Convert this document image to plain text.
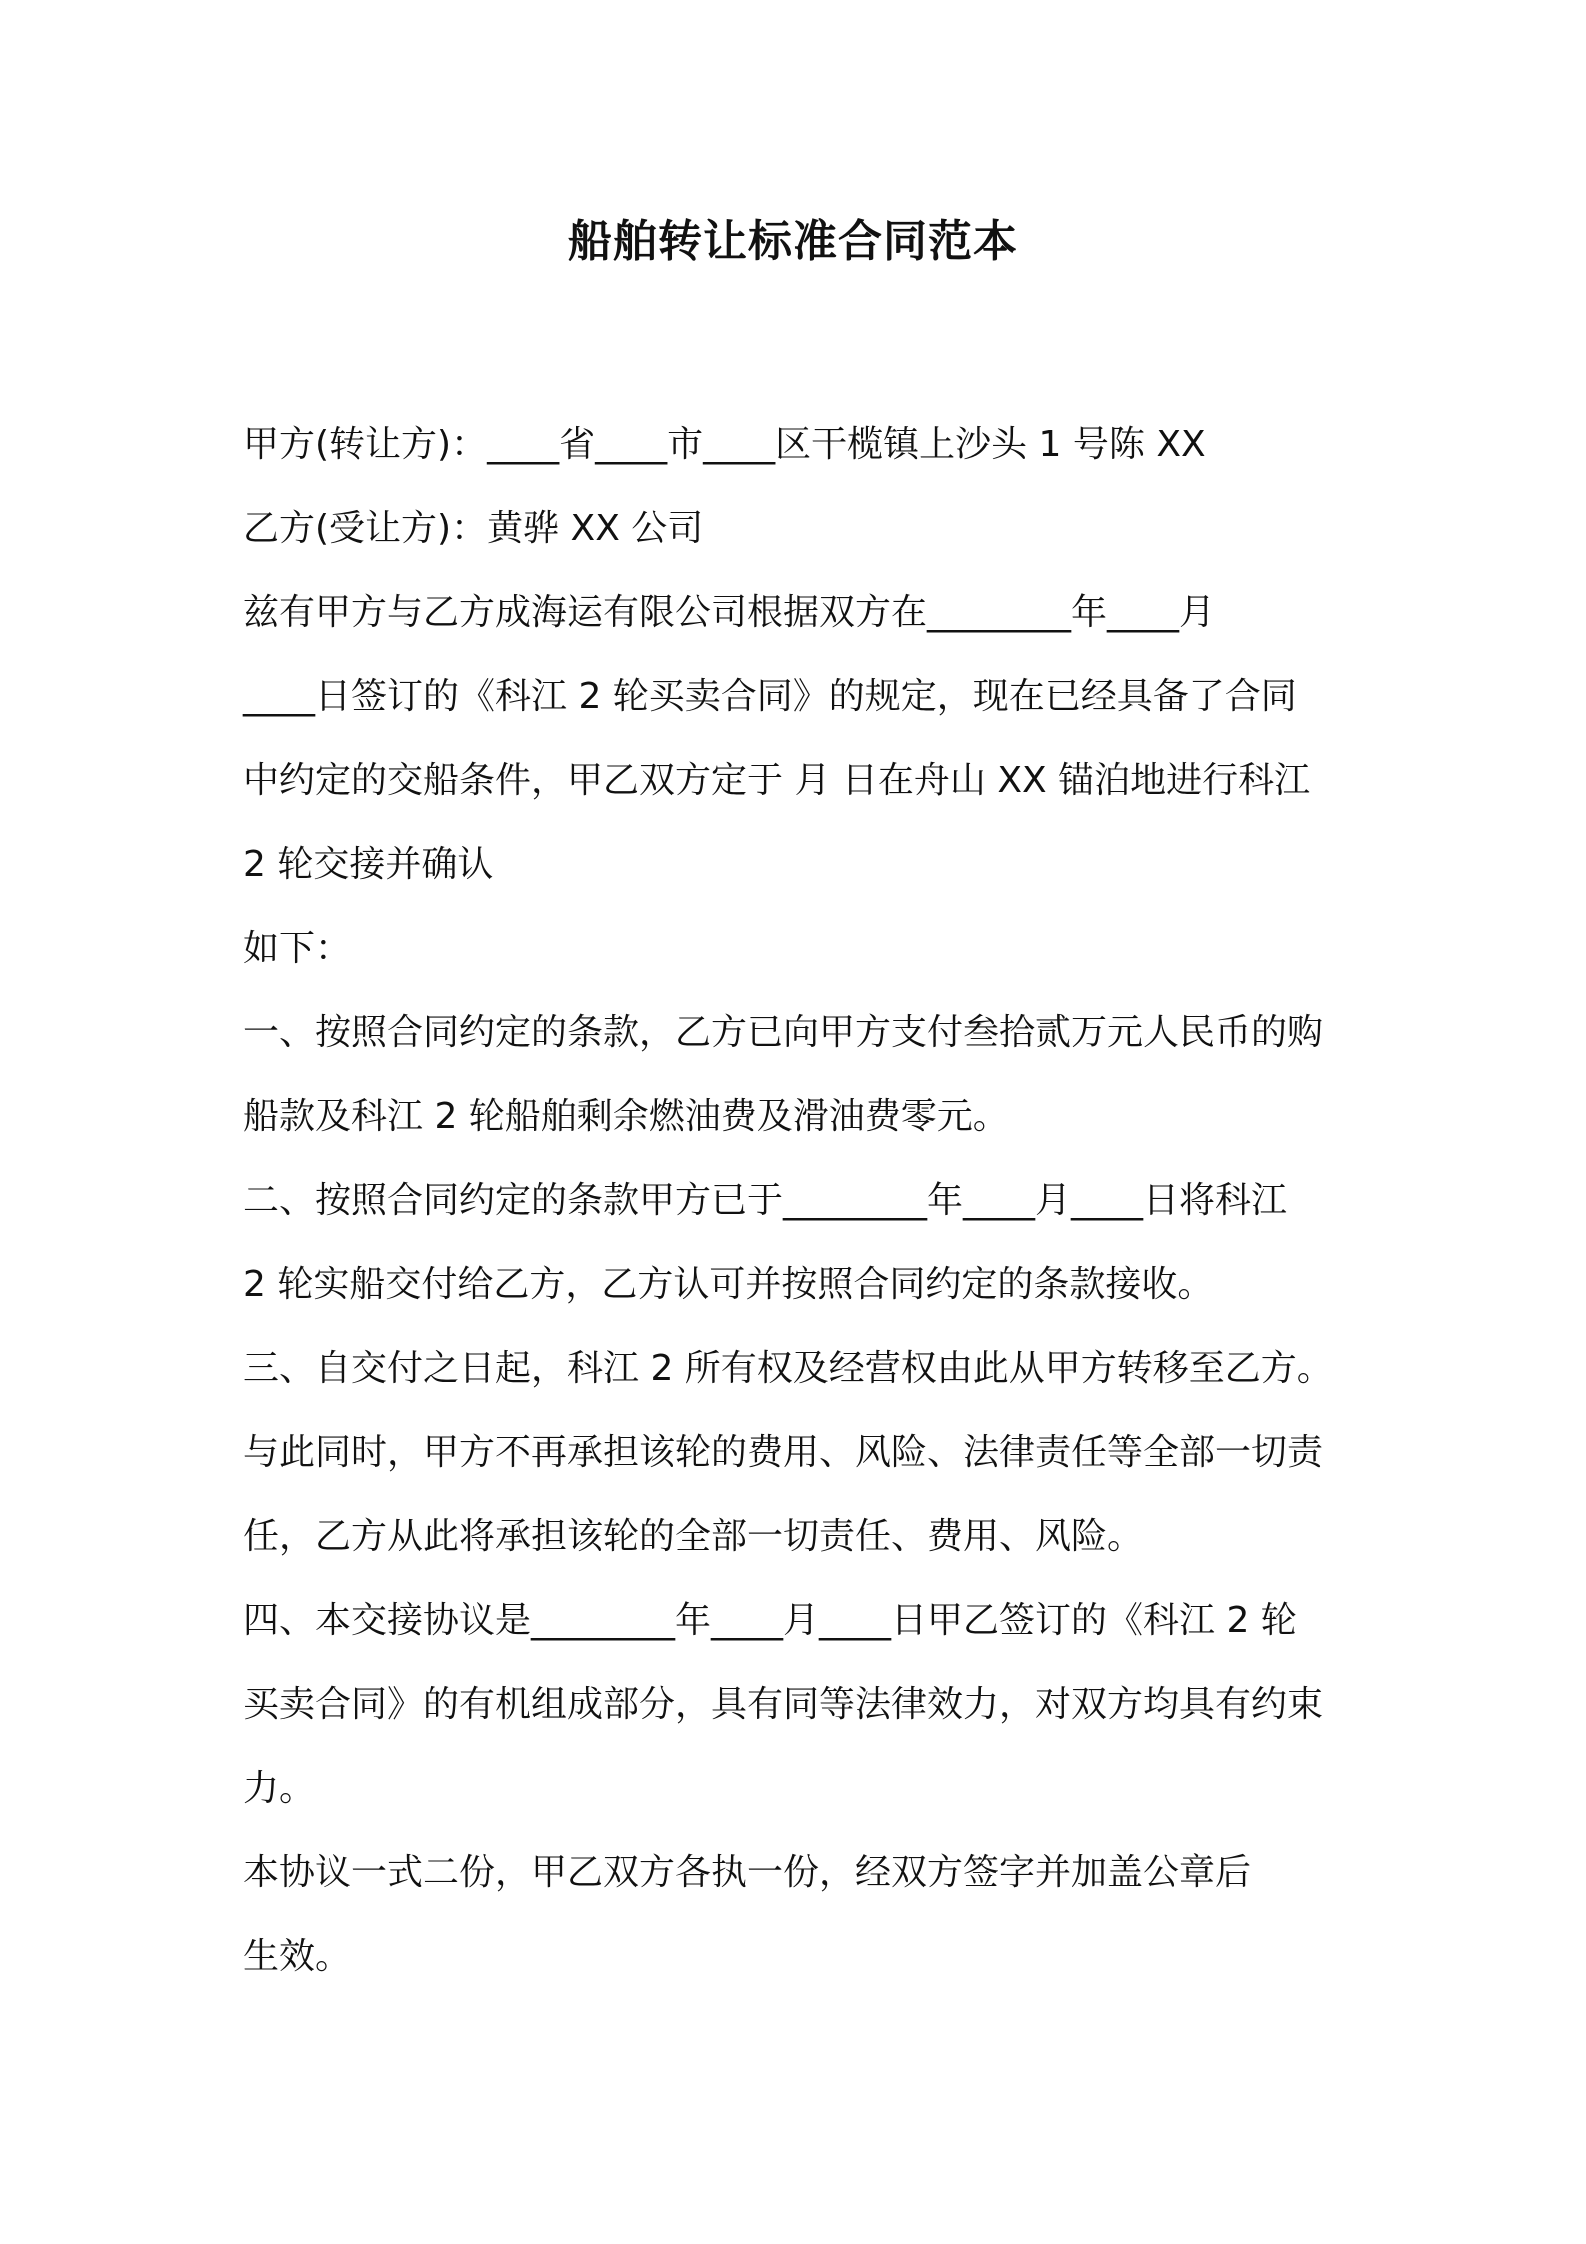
船舶转让标准合同范本

甲方(转让方)：____省____市____区干榄镇上沙头 1 号陈 XX

乙方(受让方)：黄骅 XX 公司

兹有甲方与乙方成海运有限公司根据双方在________年____月

____日签订的《科江 2 轮买卖合同》的规定，现在已经具备了合同

中约定的交船条件，甲乙双方定于 月 日在舟山 XX 锚泊地进行科江

2 轮交接并确认

如下：

一、按照合同约定的条款，乙方已向甲方支付叁拾贰万元人民币的购

船款及科江 2 轮船舶剩余燃油费及滑油费零元。

二、按照合同约定的条款甲方已于________年____月____日将科江

2 轮实船交付给乙方，乙方认可并按照合同约定的条款接收。

三、自交付之日起，科江 2 所有权及经营权由此从甲方转移至乙方。

与此同时，甲方不再承担该轮的费用、风险、法律责任等全部一切责

任，乙方从此将承担该轮的全部一切责任、费用、风险。

四、本交接协议是________年____月____日甲乙签订的《科江 2 轮

买卖合同》的有机组成部分，具有同等法律效力，对双方均具有约束

力。

本协议一式二份，甲乙双方各执一份，经双方签字并加盖公章后

生效。
